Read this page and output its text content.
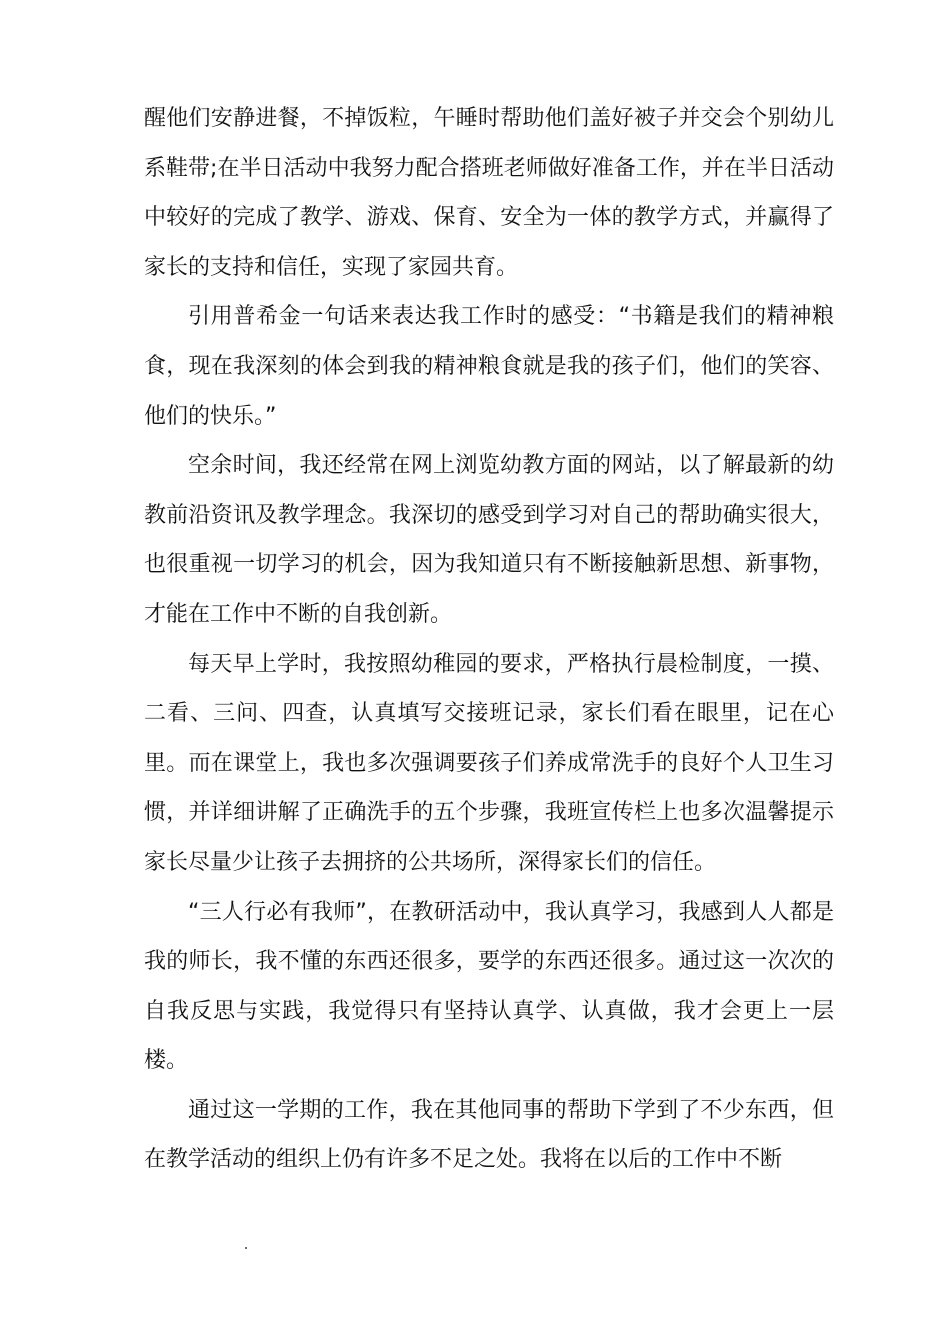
醒他们安静进餐，不掉饭粒，午睡时帮助他们盖好被子并交会个别幼儿系鞋带;在半日活动中我努力配合搭班老师做好准备工作，并在半日活动中较好的完成了教学、游戏、保育、安全为一体的教学方式，并赢得了家长的支持和信任，实现了家园共育。

引用普希金一句话来表达我工作时的感受：“书籍是我们的精神粮食，现在我深刻的体会到我的精神粮食就是我的孩子们，他们的笑容、他们的快乐。”

空余时间，我还经常在网上浏览幼教方面的网站，以了解最新的幼教前沿资讯及教学理念。我深切的感受到学习对自己的帮助确实很大，也很重视一切学习的机会，因为我知道只有不断接触新思想、新事物，才能在工作中不断的自我创新。

每天早上学时，我按照幼稚园的要求，严格执行晨检制度，一摸、二看、三问、四查，认真填写交接班记录，家长们看在眼里，记在心里。而在课堂上，我也多次强调要孩子们养成常洗手的良好个人卫生习惯，并详细讲解了正确洗手的五个步骤，我班宣传栏上也多次温馨提示家长尽量少让孩子去拥挤的公共场所，深得家长们的信任。

“三人行必有我师”，在教研活动中，我认真学习，我感到人人都是我的师长，我不懂的东西还很多，要学的东西还很多。通过这一次次的自我反思与实践，我觉得只有坚持认真学、认真做，我才会更上一层楼。

通过这一学期的工作，我在其他同事的帮助下学到了不少东西，但在教学活动的组织上仍有许多不足之处。我将在以后的工作中不断
